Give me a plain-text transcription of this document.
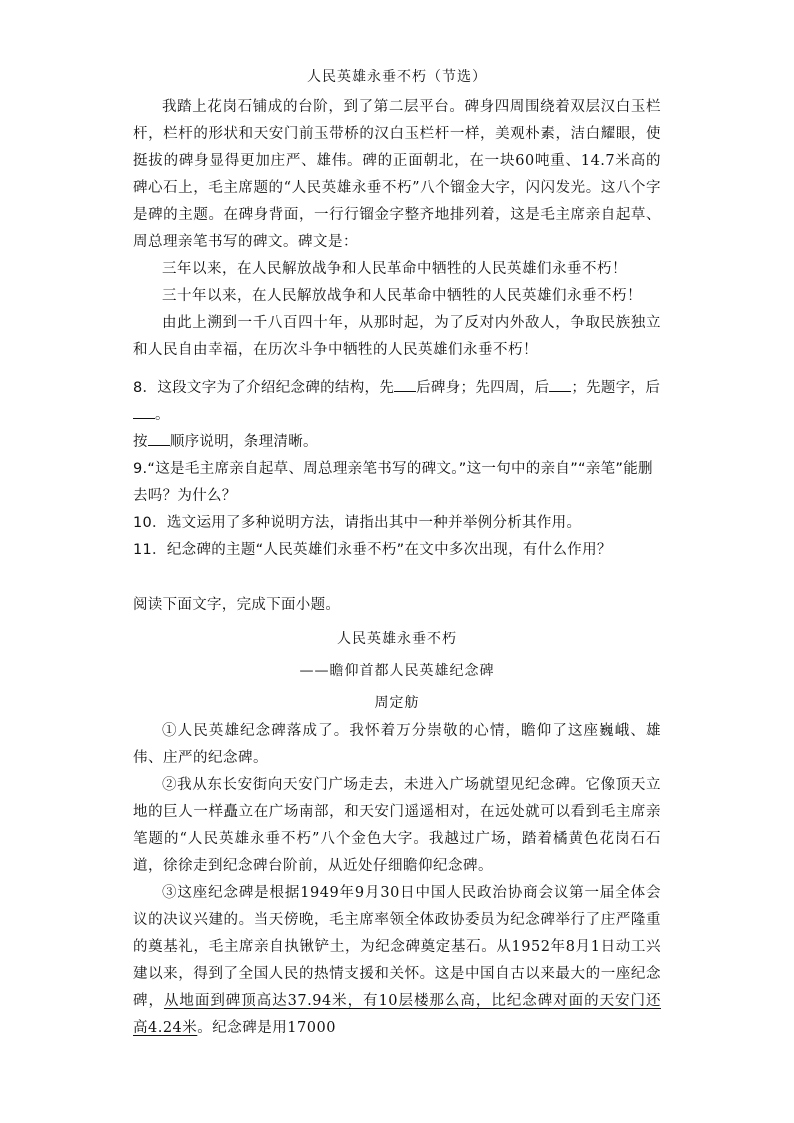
人民英雄永垂不朽（节选）

我踏上花岗石铺成的台阶，到了第二层平台。碑身四周围绕着双层汉白玉栏杆，栏杆的形状和天安门前玉带桥的汉白玉栏杆一样，美观朴素，洁白耀眼，使挺拔的碑身显得更加庄严、雄伟。碑的正面朝北，在一块60吨重、14.7米高的碑心石上，毛主席题的“人民英雄永垂不朽”八个镏金大字，闪闪发光。这八个字是碑的主题。在碑身背面，一行行镏金字整齐地排列着，这是毛主席亲自起草、周总理亲笔书写的碑文。碑文是：

三年以来，在人民解放战争和人民革命中牺牲的人民英雄们永垂不朽！

三十年以来，在人民解放战争和人民革命中牺牲的人民英雄们永垂不朽！

由此上溯到一千八百四十年，从那时起，为了反对内外敌人，争取民族独立和人民自由幸福，在历次斗争中牺牲的人民英雄们永垂不朽！

8．这段文字为了介绍纪念碑的结构，先 后碑身；先四周，后 ；先题字，后。
按 顺序说明，条理清晰。

9.“这是毛主席亲自起草、周总理亲笔书写的碑文。”这一句中的亲自”“亲笔”能删去吗？为什么？

10．选文运用了多种说明方法，请指出其中一种并举例分析其作用。

11．纪念碑的主题“人民英雄们永垂不朽”在文中多次出现，有什么作用？

阅读下面文字，完成下面小题。

人民英雄永垂不朽
——瞻仰首都人民英雄纪念碑
周定舫

①人民英雄纪念碑落成了。我怀着万分崇敬的心情，瞻仰了这座巍峨、雄伟、庄严的纪念碑。

②我从东长安街向天安门广场走去，未进入广场就望见纪念碑。它像顶天立地的巨人一样矗立在广场南部，和天安门遥遥相对，在远处就可以看到毛主席亲笔题的“人民英雄永垂不朽”八个金色大字。我越过广场，踏着橘黄色花岗石石道，徐徐走到纪念碑台阶前，从近处仔细瞻仰纪念碑。

③这座纪念碑是根据1949年9月30日中国人民政治协商会议第一届全体会议的决议兴建的。当天傍晚，毛主席率领全体政协委员为纪念碑举行了庄严隆重的奠基礼，毛主席亲自执锹铲土，为纪念碑奠定基石。从1952年8月1日动工兴建以来，得到了全国人民的热情支援和关怀。这是中国自古以来最大的一座纪念碑，从地面到碑顶高达37.94米，有10层楼那么高，比纪念碑对面的天安门还高4.24米。纪念碑是用17000
